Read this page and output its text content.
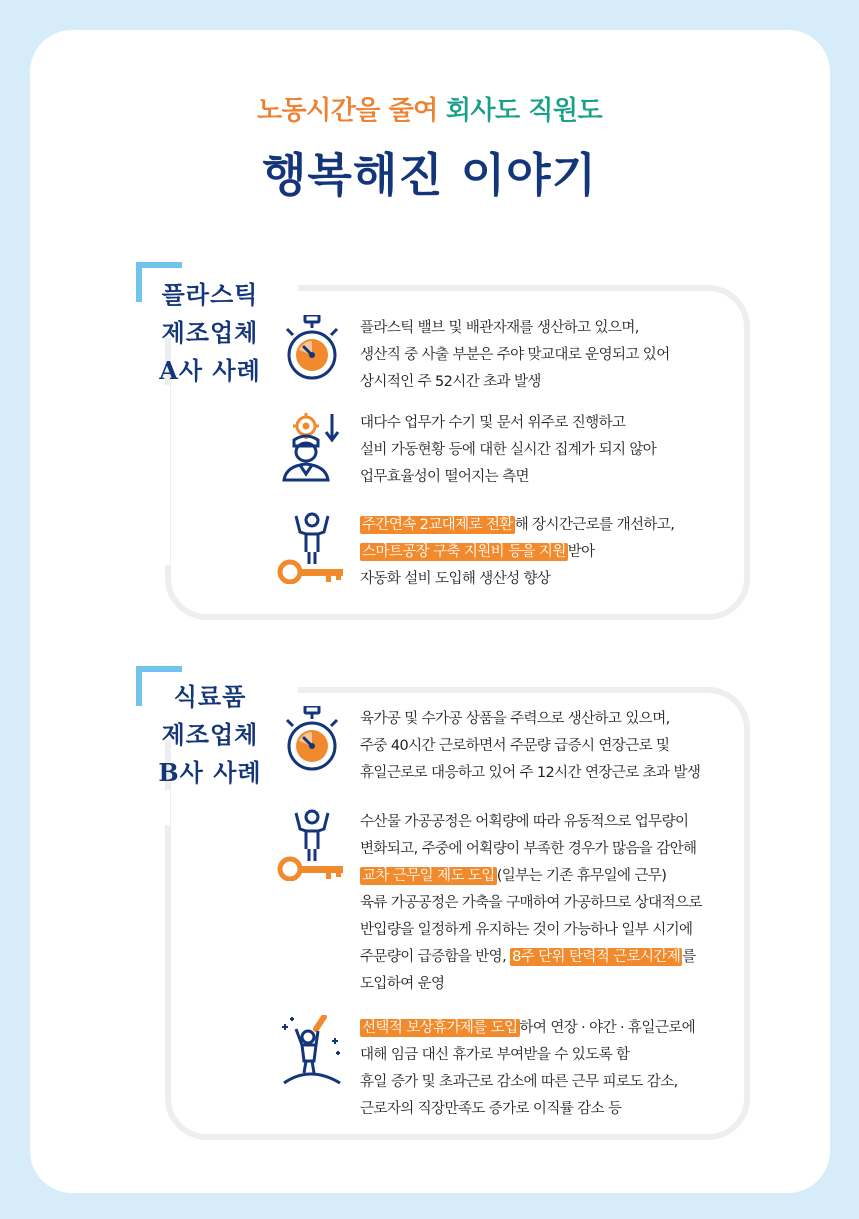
노동시간을 줄여 회사도 직원도
행복해진 이야기
플라스틱
제조업체
A사 사례

플라스틱 밸브 및 배관자재를 생산하고 있으며,

생산직 중 사출 부분은 주야 맞교대로 운영되고 있어

상시적인 주 52시간 초과 발생

대다수 업무가 수기 및 문서 위주로 진행하고

설비 가동현황 등에 대한 실시간 집계가 되지 않아

업무효율성이 떨어지는 측면

주간연속 2교대제로 전환 해 장시간근로를 개선하고,

스마트공장 구축 지원비 등을 지원 받아

자동화 설비 도입해 생산성 향상

식료품
제조업체
B사 사례

육가공 및 수가공 상품을 주력으로 생산하고 있으며,

주중 40시간 근로하면서 주문량 급증시 연장근로 및

휴일근로로 대응하고 있어 주 12시간 연장근로 초과 발생

수산물 가공공정은 어획량에 따라 유동적으로 업무량이

변화되고, 주중에 어획량이 부족한 경우가 많음을 감안해

교차 근무일 제도 도입 (일부는 기존 휴무일에 근무)

육류 가공공정은 가축을 구매하여 가공하므로 상대적으로

반입량을 일정하게 유지하는 것이 가능하나 일부 시기에

주문량이 급증함을 반영, 8주 단위 탄력적 근로시간제 를

도입하여 운영

선택적 보상휴가제를 도입 하여 연장 · 야간 · 휴일근로에

대해 임금 대신 휴가로 부여받을 수 있도록 함

휴일 증가 및 초과근로 감소에 따른 근무 피로도 감소,

근로자의 직장만족도 증가로 이직률 감소 등
